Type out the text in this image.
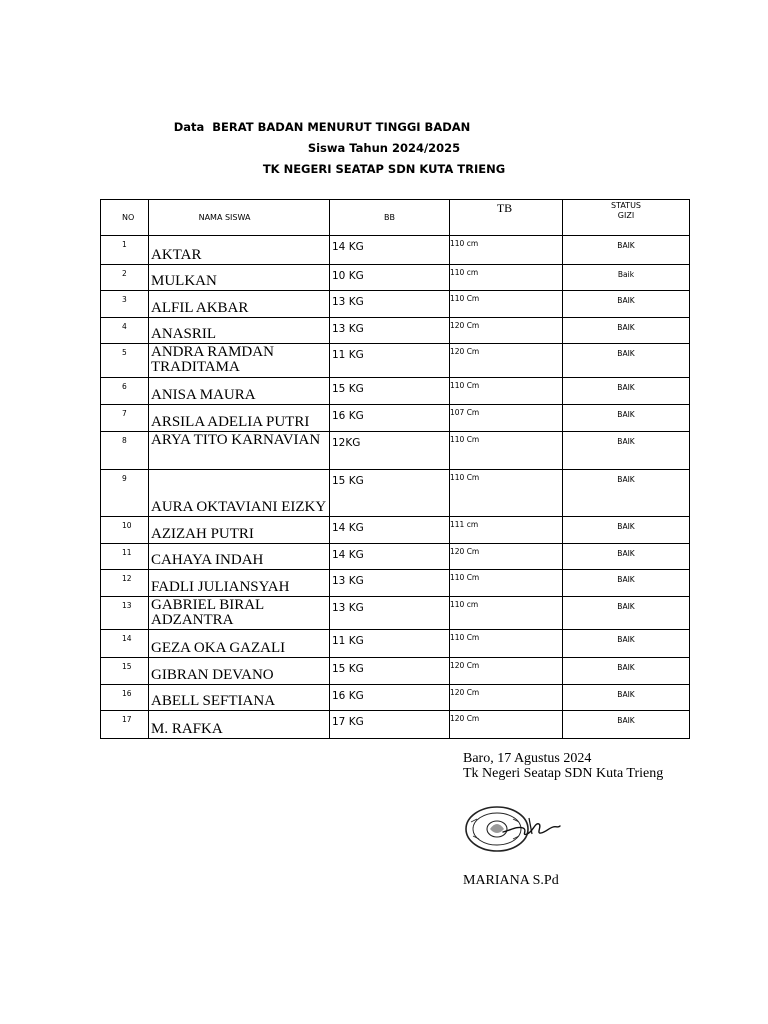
Data  BERAT BADAN MENURUT TINGGI BADAN
Siswa Tahun 2024/2025
TK NEGERI SEATAP SDN KUTA TRIENG
NO	NAMA SISWA	BB	TB	STATUS
GIZI

1	AKTAR	14 KG	110 cm	BAIK
2	MULKAN	10 KG	110 cm	Baik
3	ALFIL AKBAR	13 KG	110 Cm	BAIK
4	ANASRIL	13 KG	120 Cm	BAIK
5	ANDRA RAMDAN TRADITAMA	11 KG	120 Cm	BAIK
6	ANISA MAURA	15 KG	110 Cm	BAIK
7	ARSILA ADELIA PUTRI	16 KG	107 Cm	BAIK
8	ARYA TITO KARNAVIAN	12KG	110 Cm	BAIK
9	AURA OKTAVIANI EIZKY	15 KG	110 Cm	BAIK
10	AZIZAH PUTRI	14 KG	111 cm	BAIK
11	CAHAYA INDAH	14 KG	120 Cm	BAIK
12	FADLI JULIANSYAH	13 KG	110 Cm	BAIK
13	GABRIEL BIRAL ADZANTRA	13 KG	110 cm	BAIK
14	GEZA OKA GAZALI	11 KG	110 Cm	BAIK
15	GIBRAN DEVANO	15 KG	120 Cm	BAIK
16	ABELL SEFTIANA	16 KG	120 Cm	BAIK
17	M. RAFKA	17 KG	120 Cm	BAIK
Baro, 17 Agustus 2024
Tk Negeri Seatap SDN Kuta Trieng
MARIANA S.Pd
